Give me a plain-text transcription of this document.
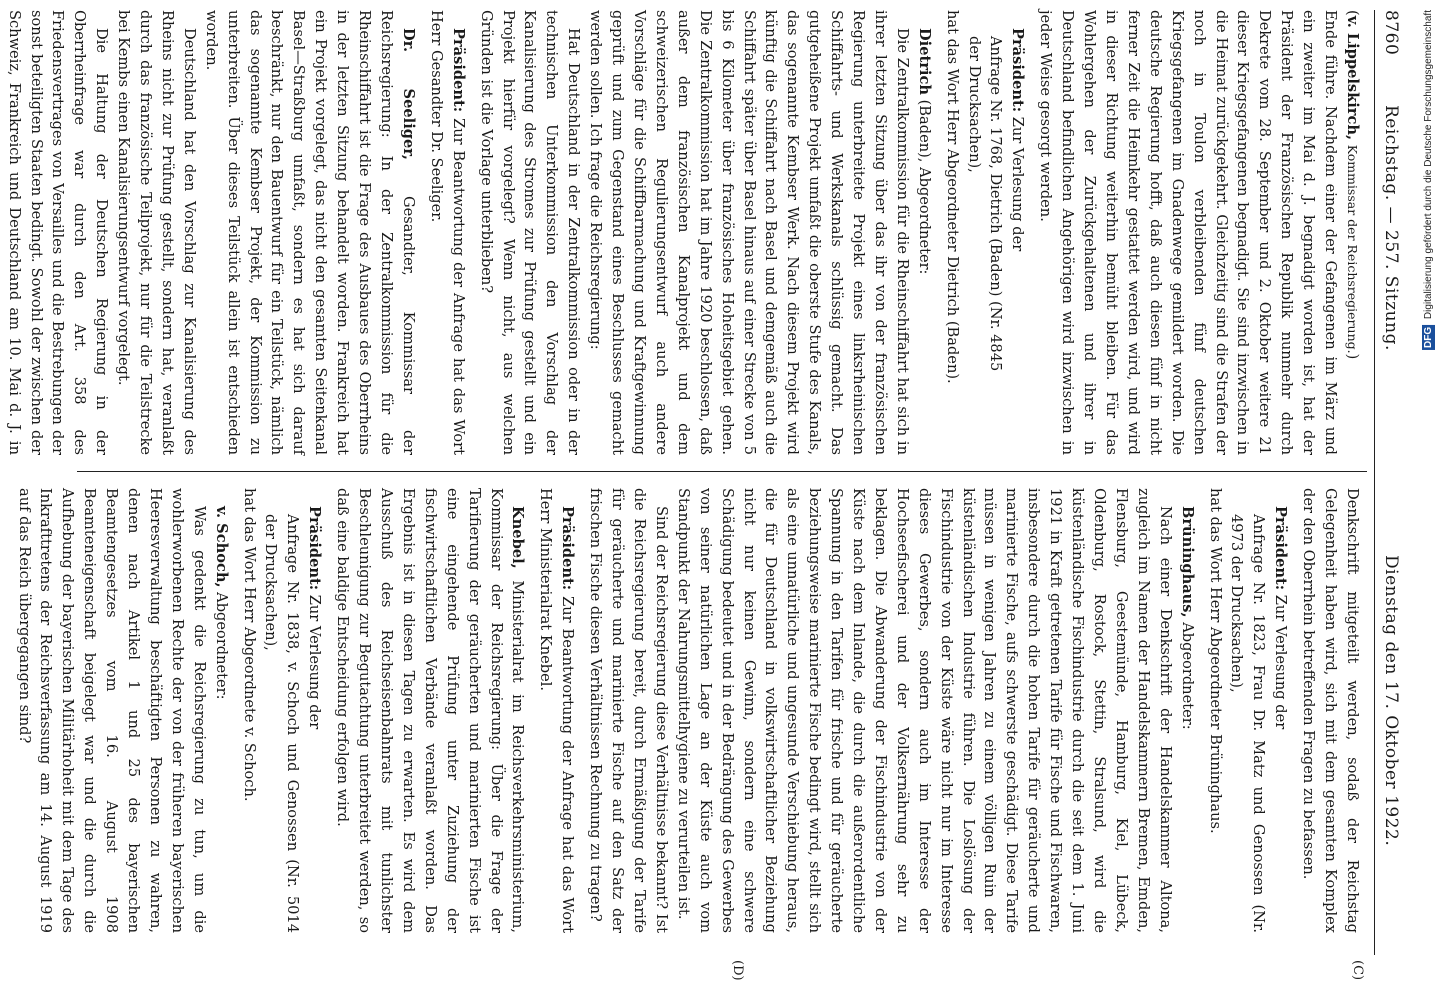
8760
Reichstag. — 257. Sitzung.
Dienstag den 17. Oktober 1922.
(C)
(D)

(v. Lippelskirch, Kommissar der Reichsregierung.)

Ende führe. Nachdem einer der Gefangenen im März und ein zweiter im Mai d. J. begnadigt worden ist, hat der Präsident der Französischen Republik nunmehr durch Dekrete vom 28. September und 2. Oktober weitere 21 dieser Kriegsgefangenen begnadigt. Sie sind inzwischen in die Heimat zurückgekehrt. Gleichzeitig sind die Strafen der noch in Toulon verbleibenden fünf deutschen Kriegsgefangenen im Gnadenwege gemildert worden. Die deutsche Regierung hofft, daß auch diesen fünf in nicht ferner Zeit die Heimkehr gestattet werden wird, und wird in dieser Richtung weiterhin bemüht bleiben. Für das Wohlergehen der Zurückgehaltenen und ihrer in Deutschland befindlichen Angehörigen wird inzwischen in jeder Weise gesorgt werden.

Präsident: Zur Verlesung der

Anfrage Nr. 1768, Dietrich (Baden) (Nr. 4845

der Drucksachen),

hat das Wort Herr Abgeordneter Dietrich (Baden).

Dietrich (Baden), Abgeordneter:

Die Zentralkommission für die Rheinschiffahrt hat sich in ihrer letzten Sitzung über das ihr von der französischen Regierung unterbreitete Projekt eines linksrheinischen Schiffahrts- und Werkskanals schlüssig gemacht. Das gutgeheißene Projekt umfaßt die oberste Stufe des Kanals, das sogenannte Kembser Werk. Nach diesem Projekt wird künftig die Schiffahrt nach Basel und demgemäß auch die Schiffahrt später über Basel hinaus auf einer Strecke von 5 bis 6 Kilometer über französisches Hoheitsgebiet gehen. Die Zentralkommission hat im Jahre 1920 beschlossen, daß außer dem französischen Kanalprojekt und dem schweizerischen Regulierungsentwurf auch andere Vorschläge für die Schiffbarmachung und Kraftgewinnung geprüft und zum Gegenstand eines Beschlusses gemacht werden sollen. Ich frage die Reichsregierung:

Hat Deutschland in der Zentralkommission oder in der technischen Unterkommission den Vorschlag der Kanalisierung des Stromes zur Prüfung gestellt und ein Projekt hierfür vorgelegt? Wenn nicht, aus welchen Gründen ist die Vorlage unterblieben?

Präsident: Zur Beantwortung der Anfrage hat das Wort Herr Gesandter Dr. Seeliger.

Dr. Seeliger, Gesandter, Kommissar der Reichsregierung: In der Zentralkommission für die Rheinschiffahrt ist die Frage des Ausbaues des Oberrheins in der letzten Sitzung behandelt worden. Frankreich hat ein Projekt vorgelegt, das nicht den gesamten Seitenkanal Basel—Straßburg umfaßt, sondern es hat sich darauf beschränkt, nur den Bauentwurf für ein Teilstück, nämlich das sogenannte Kembser Projekt, der Kommission zu unterbreiten. Über dieses Teilstück allein ist entschieden worden.

Deutschland hat den Vorschlag zur Kanalisierung des Rheins nicht zur Prüfung gestellt, sondern hat, veranlaßt durch das französische Teilprojekt, nur für die Teilstrecke bei Kembs einen Kanalisierungsentwurf vorgelegt.

Die Haltung der Deutschen Regierung in der Oberrheinfrage war durch den Art. 358 des Friedensvertrages von Versailles und die Bestrebungen der sonst beteiligten Staaten bedingt. Sowohl der zwischen der Schweiz, Frankreich und Deutschland am 10. Mai d. J. in

Denkschrift mitgeteilt werden, sodaß der Reichstag Gelegenheit haben wird, sich mit dem gesamten Komplex der den Oberrhein betreffenden Fragen zu befassen.

Präsident: Zur Verlesung der

Anfrage Nr. 1823, Frau Dr. Matz und Genossen (Nr. 4973 der Drucksachen),

hat das Wort Herr Abgeordneter Brüninghaus.

Brüninghaus, Abgeordneter:

Nach einer Denkschrift der Handelskammer Altona, zugleich im Namen der Handelskammern Bremen, Emden, Flensburg, Geestemünde, Hamburg, Kiel, Lübeck, Oldenburg, Rostock, Stettin, Stralsund, wird die küstenländische Fischindustrie durch die seit dem 1. Juni 1921 in Kraft getretenen Tarife für Fische und Fischwaren, insbesondere durch die hohen Tarife für geräucherte und marinierte Fische, aufs schwerste geschädigt. Diese Tarife müssen in wenigen Jahren zu einem völligen Ruin der küstenländischen Industrie führen. Die Loslösung der Fischindustrie von der Küste wäre nicht nur im Interesse dieses Gewerbes, sondern auch im Interesse der Hochseefischerei und der Volksernährung sehr zu beklagen. Die Abwanderung der Fischindustrie von der Küste nach dem Inlande, die durch die außerordentliche Spannung in den Tarifen für frische und für geräucherte beziehungsweise marinierte Fische bedingt wird, stellt sich als eine unnatürliche und ungesunde Verschiebung heraus, die für Deutschland in volkswirtschaftlicher Beziehung nicht nur keinen Gewinn, sondern eine schwere Schädigung bedeutet und in der Bedrängung des Gewerbes von seiner natürlichen Lage an der Küste auch vom Standpunkt der Nahrungsmittelhygiene zu verurteilen ist.

Sind der Reichsregierung diese Verhältnisse bekannt? Ist die Reichsregierung bereit, durch Ermäßigung der Tarife für geräucherte und marinierte Fische auf den Satz der frischen Fische diesen Verhältnissen Rechnung zu tragen?

Präsident: Zur Beantwortung der Anfrage hat das Wort Herr Ministerialrat Knebel.

Knebel, Ministerialrat im Reichsverkehrsministerium, Kommissar der Reichsregierung: Über die Frage der Tarifierung der geräucherten und marinierten Fische ist eine eingehende Prüfung unter Zuziehung der fischwirtschaftlichen Verbände veranlaßt worden. Das Ergebnis ist in diesen Tagen zu erwarten. Es wird dem Ausschuß des Reichseisenbahnrats mit tunlichster Beschleunigung zur Begutachtung unterbreitet werden, so daß eine baldige Entscheidung erfolgen wird.

Präsident: Zur Verlesung der

Anfrage Nr. 1838, v. Schoch und Genossen (Nr. 5014 der Drucksachen),

hat das Wort Herr Abgeordnete v. Schoch.

v. Schoch, Abgeordneter:

Was gedenkt die Reichsregierung zu tun, um die wohlerworbenen Rechte der von der früheren bayerischen Heeresverwaltung beschäftigten Personen zu wahren, denen nach Artikel 1 und 25 des bayerischen Beamtengesetzes vom 16. August 1908 Beamteneigenschaft beigelegt war und die durch die Aufhebung der bayerischen Militärhoheit mit dem Tage des Inkrafttretens der Reichsverfassung am 14. August 1919 auf das Reich übergegangen sind?

DFG Digitalisierung gefördert durch die Deutsche Forschungsgemeinschaft
